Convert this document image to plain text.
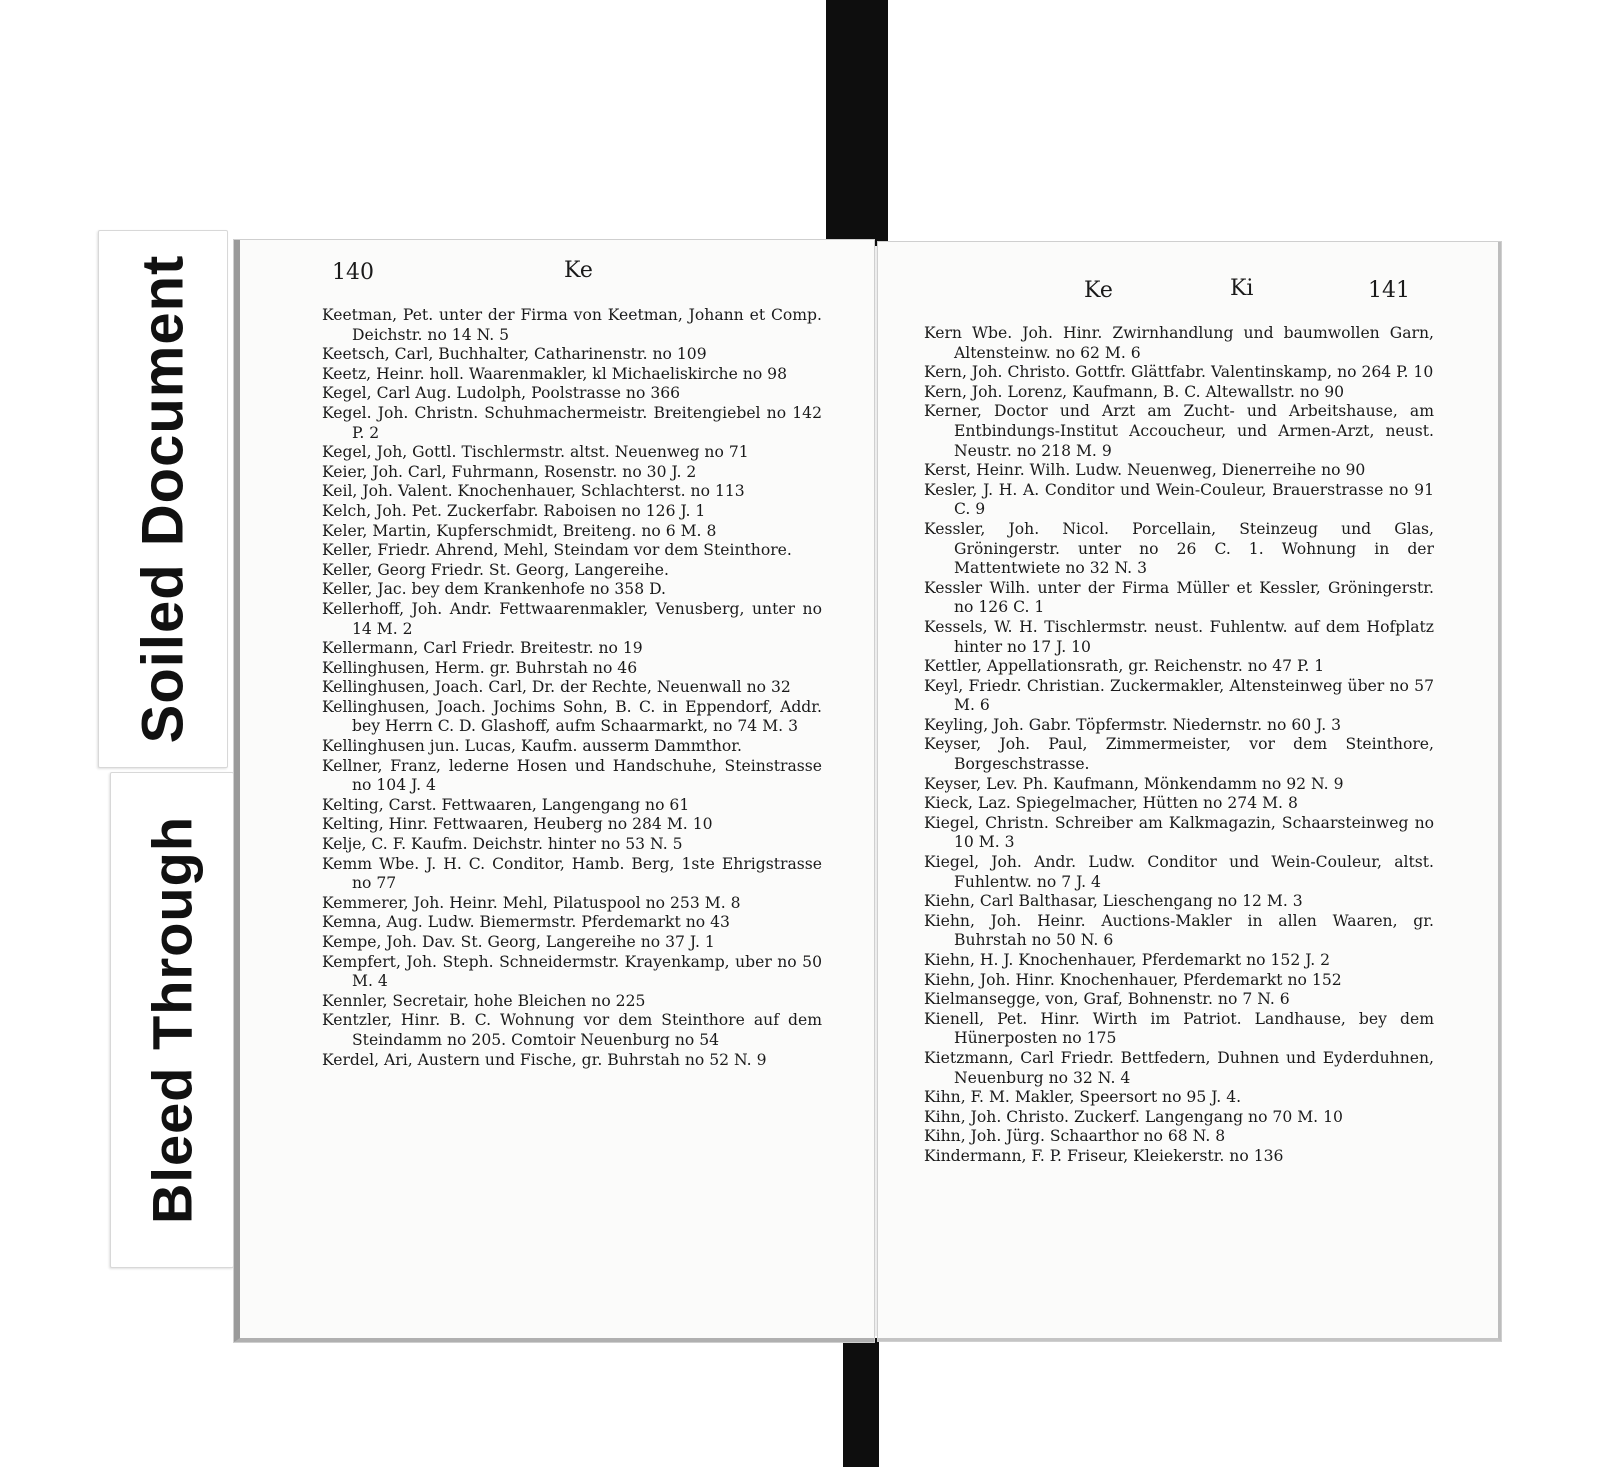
Soiled Document
Bleed Through
140	Ke
Keetman, Pet. unter der Firma von Keetman, Johann et Comp. Deichstr. no 14 N. 5
Keetsch, Carl, Buchhalter, Catharinenstr. no 109
Keetz, Heinr. holl. Waarenmakler, kl Michaeliskirche no 98
Kegel, Carl Aug. Ludolph, Poolstrasse no 366
Kegel. Joh. Christn. Schuhmachermeistr. Breitengiebel no 142 P. 2
Kegel, Joh, Gottl. Tischlermstr. altst. Neuenweg no 71
Keier, Joh. Carl, Fuhrmann, Rosenstr. no 30 J. 2
Keil, Joh. Valent. Knochenhauer, Schlachterst. no 113
Kelch, Joh. Pet. Zuckerfabr. Raboisen no 126 J. 1
Keler, Martin, Kupferschmidt, Breiteng. no 6 M. 8
Keller, Friedr. Ahrend, Mehl, Steindam vor dem Steinthore.
Keller, Georg Friedr. St. Georg, Langereihe.
Keller, Jac. bey dem Krankenhofe no 358 D.
Kellerhoff, Joh. Andr. Fettwaarenmakler, Venusberg, unter no 14 M. 2
Kellermann, Carl Friedr. Breitestr. no 19
Kellinghusen, Herm. gr. Buhrstah no 46
Kellinghusen, Joach. Carl, Dr. der Rechte, Neuenwall no 32
Kellinghusen, Joach. Jochims Sohn, B. C. in Eppendorf, Addr. bey Herrn C. D. Glashoff, aufm Schaarmarkt, no 74 M. 3
Kellinghusen jun. Lucas, Kaufm. ausserm Dammthor.
Kellner, Franz, lederne Hosen und Handschuhe, Steinstrasse no 104 J. 4
Kelting, Carst. Fettwaaren, Langengang no 61
Kelting, Hinr. Fettwaaren, Heuberg no 284 M. 10
Kelje, C. F. Kaufm. Deichstr. hinter no 53 N. 5
Kemm Wbe. J. H. C. Conditor, Hamb. Berg, 1ste Ehrigstrasse no 77
Kemmerer, Joh. Heinr. Mehl, Pilatuspool no 253 M. 8
Kemna, Aug. Ludw. Biemermstr. Pferdemarkt no 43
Kempe, Joh. Dav. St. Georg, Langereihe no 37 J. 1
Kempfert, Joh. Steph. Schneidermstr. Krayenkamp, uber no 50 M. 4
Kennler, Secretair, hohe Bleichen no 225
Kentzler, Hinr. B. C. Wohnung vor dem Steinthore auf dem Steindamm no 205. Comtoir Neuenburg no 54
Kerdel, Ari, Austern und Fische, gr. Buhrstah no 52 N. 9
Ke	Ki	141
Kern Wbe. Joh. Hinr. Zwirnhandlung und baumwollen Garn, Altensteinw. no 62 M. 6
Kern, Joh. Christo. Gottfr. Glättfabr. Valentinskamp, no 264 P. 10
Kern, Joh. Lorenz, Kaufmann, B. C. Altewallstr. no 90
Kerner, Doctor und Arzt am Zucht- und Arbeitshause, am Entbindungs-Institut Accoucheur, und Armen-Arzt, neust. Neustr. no 218 M. 9
Kerst, Heinr. Wilh. Ludw. Neuenweg, Dienerreihe no 90
Kesler, J. H. A. Conditor und Wein-Couleur, Brauerstrasse no 91 C. 9
Kessler, Joh. Nicol. Porcellain, Steinzeug und Glas, Gröningerstr. unter no 26 C. 1. Wohnung in der Mattentwiete no 32 N. 3
Kessler Wilh. unter der Firma Müller et Kessler, Gröningerstr. no 126 C. 1
Kessels, W. H. Tischlermstr. neust. Fuhlentw. auf dem Hofplatz hinter no 17 J. 10
Kettler, Appellationsrath, gr. Reichenstr. no 47 P. 1
Keyl, Friedr. Christian. Zuckermakler, Altensteinweg über no 57 M. 6
Keyling, Joh. Gabr. Töpfermstr. Niedernstr. no 60 J. 3
Keyser, Joh. Paul, Zimmermeister, vor dem Steinthore, Borgeschstrasse.
Keyser, Lev. Ph. Kaufmann, Mönkendamm no 92 N. 9
Kieck, Laz. Spiegelmacher, Hütten no 274 M. 8
Kiegel, Christn. Schreiber am Kalkmagazin, Schaarsteinweg no 10 M. 3
Kiegel, Joh. Andr. Ludw. Conditor und Wein-Couleur, altst. Fuhlentw. no 7 J. 4
Kiehn, Carl Balthasar, Lieschengang no 12 M. 3
Kiehn, Joh. Heinr. Auctions-Makler in allen Waaren, gr. Buhrstah no 50 N. 6
Kiehn, H. J. Knochenhauer, Pferdemarkt no 152 J. 2
Kiehn, Joh. Hinr. Knochenhauer, Pferdemarkt no 152
Kielmansegge, von, Graf, Bohnenstr. no 7 N. 6
Kienell, Pet. Hinr. Wirth im Patriot. Landhause, bey dem Hünerposten no 175
Kietzmann, Carl Friedr. Bettfedern, Duhnen und Eyderduhnen, Neuenburg no 32 N. 4
Kihn, F. M. Makler, Speersort no 95 J. 4.
Kihn, Joh. Christo. Zuckerf. Langengang no 70 M. 10
Kihn, Joh. Jürg. Schaarthor no 68 N. 8
Kindermann, F. P. Friseur, Kleiekerstr. no 136
